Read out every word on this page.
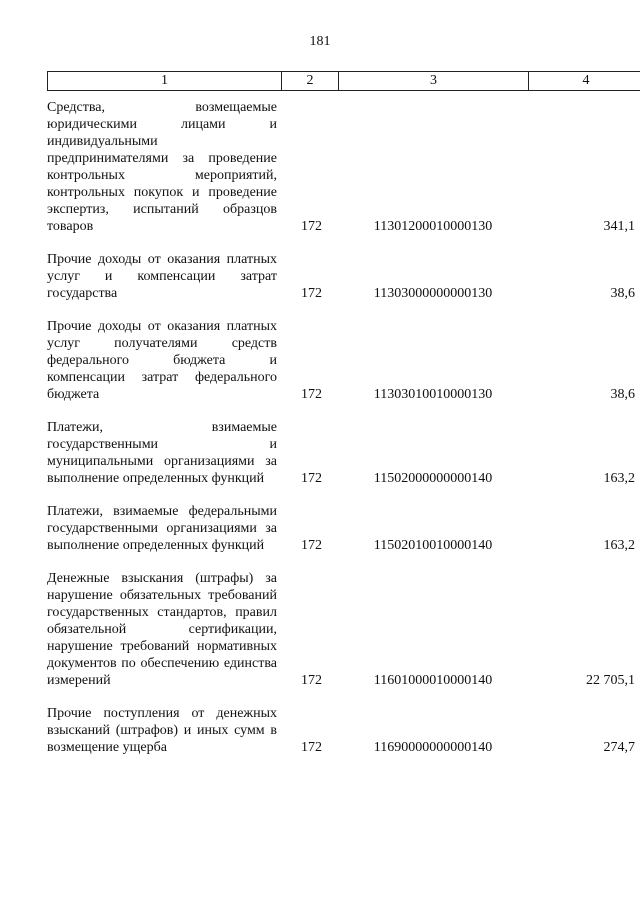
181
1	2	3	4
Средства, возмещаемые юридическими лицами и индивидуальными предпринимателями за проведение контрольных мероприятий, контрольных покупок и проведение экспертиз, испытаний образцов товаров	172	11301200010000130	341,1
Прочие доходы от оказания платных услуг и компенсации затрат государства	172	11303000000000130	38,6
Прочие доходы от оказания платных услуг получателями средств федерального бюджета и компенсации затрат федерального бюджета	172	11303010010000130	38,6
Платежи, взимаемые государственными и муниципальными организациями за выполнение определенных функций	172	11502000000000140	163,2
Платежи, взимаемые федеральными государственными организациями за выполнение определенных функций	172	11502010010000140	163,2
Денежные взыскания (штрафы) за нарушение обязательных требований государственных стандартов, правил обязательной сертификации, нарушение требований нормативных документов по обеспечению единства измерений	172	11601000010000140	22 705,1
Прочие поступления от денежных взысканий (штрафов) и иных сумм в возмещение ущерба	172	11690000000000140	274,7
